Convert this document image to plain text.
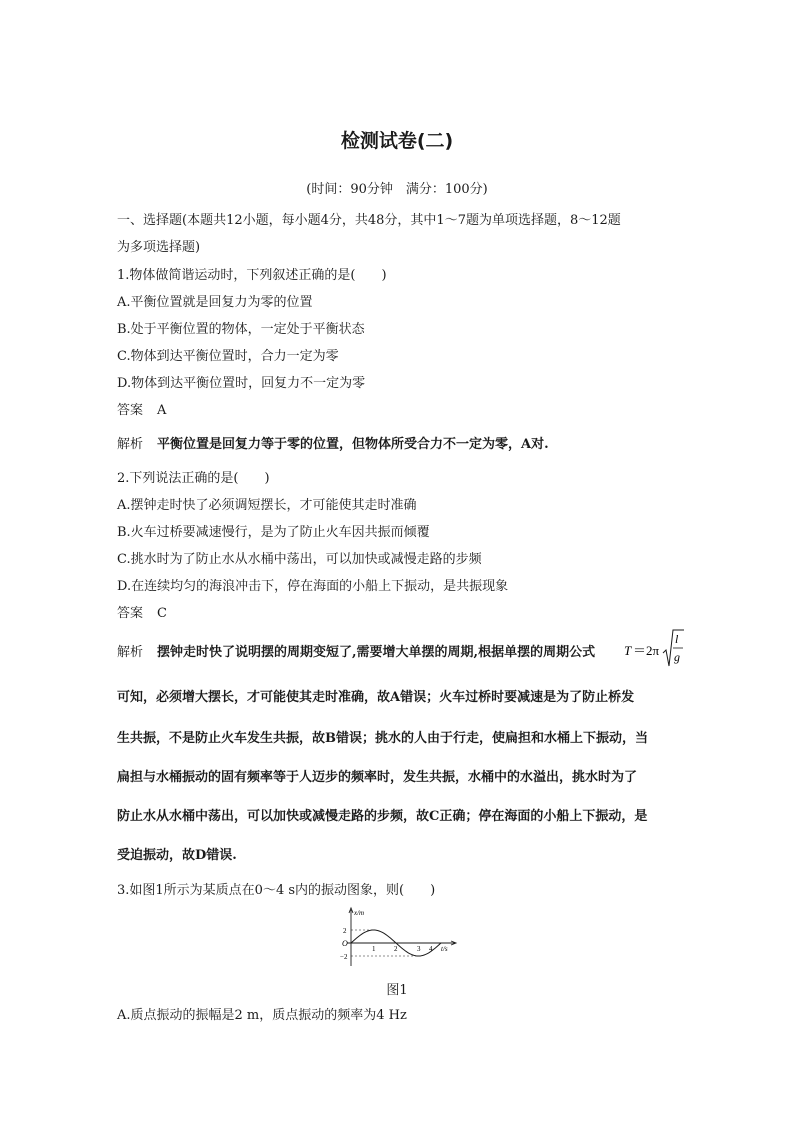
检测试卷(二)
(时间：90分钟　满分：100分)
一、选择题(本题共12小题，每小题4分，共48分，其中1～7题为单项选择题，8～12题
为多项选择题)
1.物体做简谐运动时，下列叙述正确的是(　　)
A.平衡位置就是回复力为零的位置
B.处于平衡位置的物体，一定处于平衡状态
C.物体到达平衡位置时，合力一定为零
D.物体到达平衡位置时，回复力不一定为零
答案 A
解析 平衡位置是回复力等于零的位置，但物体所受合力不一定为零，A对.
2.下列说法正确的是(　　)
A.摆钟走时快了必须调短摆长，才可能使其走时准确
B.火车过桥要减速慢行，是为了防止火车因共振而倾覆
C.挑水时为了防止水从水桶中荡出，可以加快或减慢走路的步频
D.在连续均匀的海浪冲击下，停在海面的小船上下振动，是共振现象
答案 C
解析 摆钟走时快了说明摆的周期变短了,需要增大单摆的周期,根据单摆的周期公式 T ＝2π
l
g
可知，必须增大摆长，才可能使其走时准确，故A错误；火车过桥时要减速是为了防止桥发
生共振，不是防止火车发生共振，故B错误；挑水的人由于行走，使扁担和水桶上下振动，当
扁担与水桶振动的固有频率等于人迈步的频率时，发生共振，水桶中的水溢出，挑水时为了
防止水从水桶中荡出，可以加快或减慢走路的步频，故C正确；停在海面的小船上下振动，是
受迫振动，故D错误.
3.如图1所示为某质点在0～4 s内的振动图象，则(　　)
x/m
2
−2
O
1	2	3 4 t/s
图1
A.质点振动的振幅是2 m，质点振动的频率为4 Hz
